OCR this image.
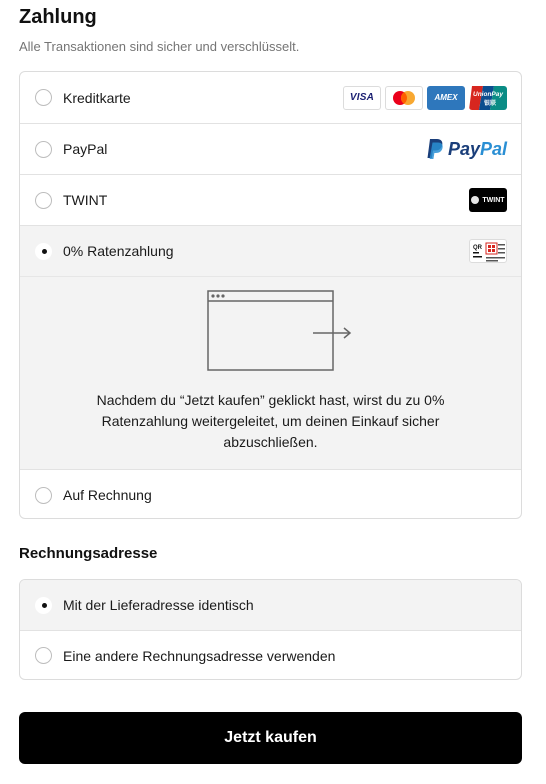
Zahlung
Alle Transaktionen sind sicher und verschlüsselt.
Kreditkarte	VISA	AMEX	UnionPay
银联
PayPal	PayPal
TWINT	TWINT
0% Ratenzahlung	QR
Nachdem du “Jetzt kaufen” geklickt hast, wirst du zu 0% Ratenzahlung weitergeleitet, um deinen Einkauf sicher abzuschließen.
Auf Rechnung
Rechnungsadresse
Mit der Lieferadresse identisch
Eine andere Rechnungsadresse verwenden
Jetzt kaufen
